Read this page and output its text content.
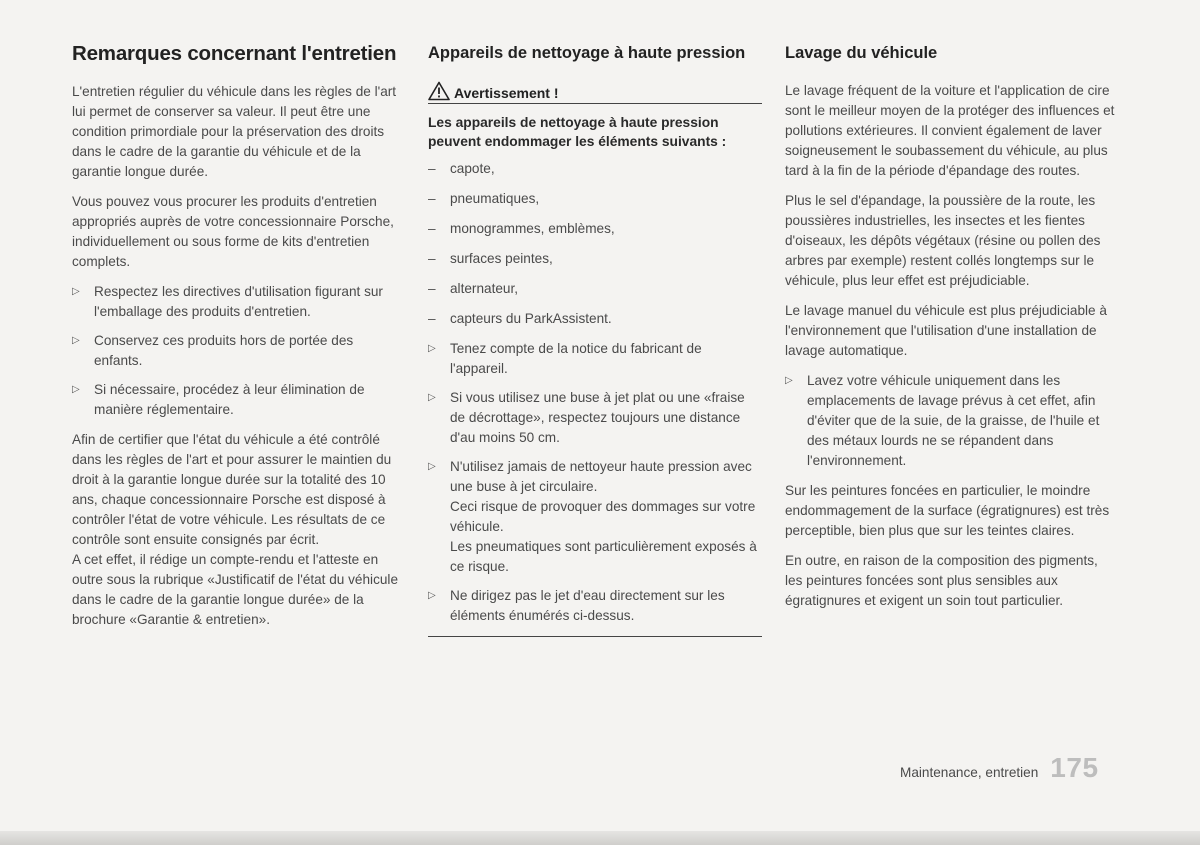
Remarques concernant l'entretien

L'entretien régulier du véhicule dans les règles de l'art lui permet de conserver sa valeur. Il peut être une condition primordiale pour la préservation des droits dans le cadre de la garantie du véhicule et de la garantie longue durée.

Vous pouvez vous procurer les produits d'entretien appropriés auprès de votre concessionnaire Porsche, individuellement ou sous forme de kits d'entretien complets.

▷ Respectez les directives d'utilisation figurant sur l'emballage des produits d'entretien.
▷ Conservez ces produits hors de portée des enfants.
▷ Si nécessaire, procédez à leur élimination de manière réglementaire.

Afin de certifier que l'état du véhicule a été contrôlé dans les règles de l'art et pour assurer le maintien du droit à la garantie longue durée sur la totalité des 10 ans, chaque concessionnaire Porsche est disposé à contrôler l'état de votre véhicule. Les résultats de ce contrôle sont ensuite consignés par écrit.

A cet effet, il rédige un compte-rendu et l'atteste en outre sous la rubrique «Justificatif de l'état du véhicule dans le cadre de la garantie longue durée» de la brochure «Garantie & entretien».

Appareils de nettoyage à haute pression
Avertissement !

Les appareils de nettoyage à haute pression peuvent endommager les éléments suivants :

– capote,
– pneumatiques,
– monogrammes, emblèmes,
– surfaces peintes,
– alternateur,
– capteurs du ParkAssistent.
▷ Tenez compte de la notice du fabricant de l'appareil.
▷ Si vous utilisez une buse à jet plat ou une «fraise de décrottage», respectez toujours une distance d'au moins 50 cm.
▷ N'utilisez jamais de nettoyeur haute pression avec une buse à jet circulaire.
Ceci risque de provoquer des dommages sur votre véhicule.
Les pneumatiques sont particulièrement exposés à ce risque.
▷ Ne dirigez pas le jet d'eau directement sur les éléments énumérés ci-dessus.
Lavage du véhicule

Le lavage fréquent de la voiture et l'application de cire sont le meilleur moyen de la protéger des influences et pollutions extérieures. Il convient également de laver soigneusement le soubassement du véhicule, au plus tard à la fin de la période d'épandage des routes.

Plus le sel d'épandage, la poussière de la route, les poussières industrielles, les insectes et les fientes d'oiseaux, les dépôts végétaux (résine ou pollen des arbres par exemple) restent collés longtemps sur le véhicule, plus leur effet est préjudiciable.

Le lavage manuel du véhicule est plus préjudiciable à l'environnement que l'utilisation d'une installation de lavage automatique.

▷ Lavez votre véhicule uniquement dans les emplacements de lavage prévus à cet effet, afin d'éviter que de la suie, de la graisse, de l'huile et des métaux lourds ne se répandent dans l'environnement.

Sur les peintures foncées en particulier, le moindre endommagement de la surface (égratignures) est très perceptible, bien plus que sur les teintes claires.

En outre, en raison de la composition des pigments, les peintures foncées sont plus sensibles aux égratignures et exigent un soin tout particulier.

Maintenance, entretien 175
